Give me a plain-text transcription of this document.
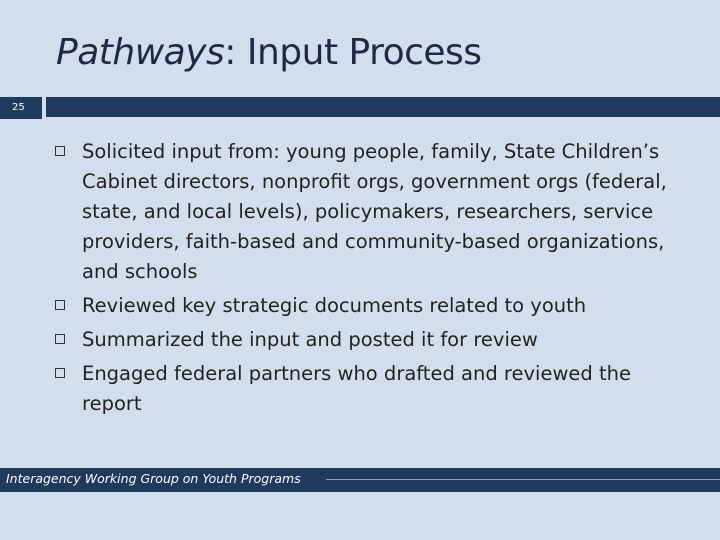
Pathways: Input Process
25
Solicited input from: young people, family, State Children’s Cabinet directors, nonprofit orgs, government orgs (federal, state, and local levels), policymakers, researchers, service providers, faith-based and community-based organizations, and schools
Reviewed key strategic documents related to youth
Summarized the input and posted it for review
Engaged federal partners who drafted and reviewed the report
Interagency Working Group on Youth Programs
